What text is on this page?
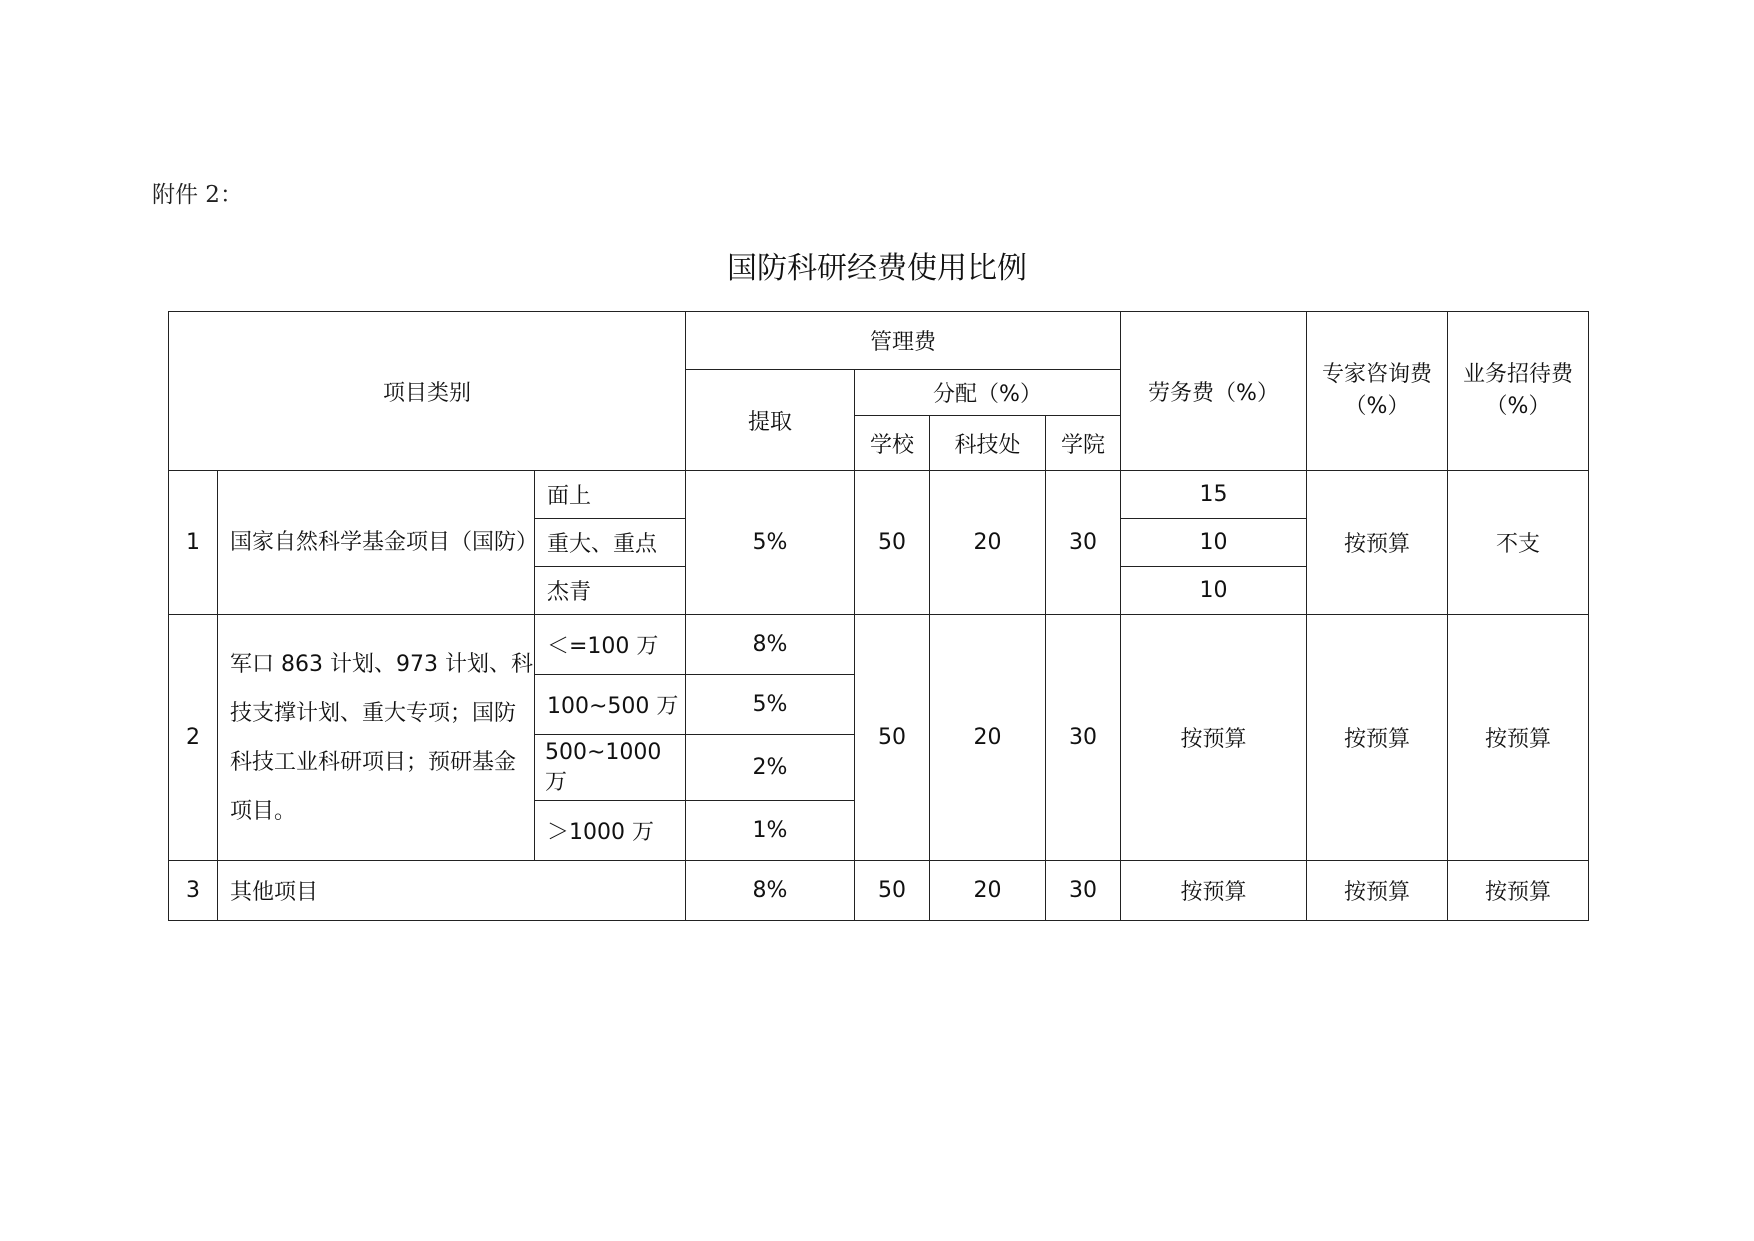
附件 2：
国防科研经费使用比例
项目类别			管理费				劳务费（%）	专家咨询费（%）	业务招待费（%）
			提取	分配（%）					
				学校	科技处	学院			
1	国家自然科学基金项目（国防）	面上	5%	50	20	30	15	按预算	不支
		重大、重点					10		
		杰青					10		
2	军口 863 计划、973 计划、科技支撑计划、重大专项；国防科技工业科研项目；预研基金项目。	＜=100 万	8%	50	20	30	按预算	按预算	按预算
		100~500 万	5%						
		500~1000 万	2%						
		＞1000 万	1%						
3	其他项目		8%	50	20	30	按预算	按预算	按预算
